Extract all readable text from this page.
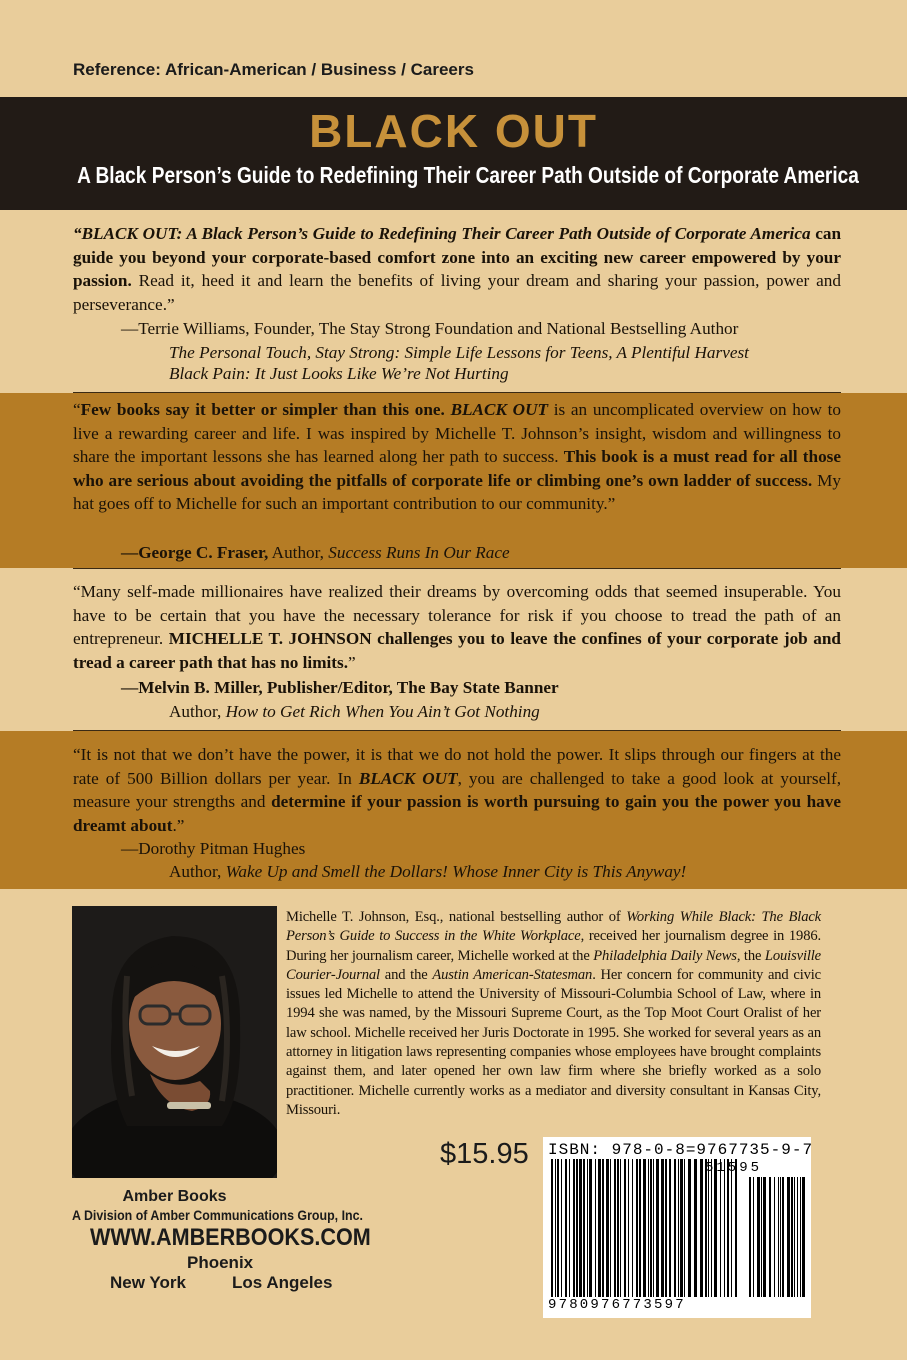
Reference: African-American / Business / Careers
BLACK OUT
A Black Person’s Guide to Redefining Their Career Path Outside of Corporate America
“BLACK OUT: A Black Person’s Guide to Redefining Their Career Path Outside of Corporate America can guide you beyond your corporate-based comfort zone into an exciting new career empowered by your passion. Read it, heed it and learn the benefits of living your dream and sharing your passion, power and perseverance.”
—Terrie Williams, Founder, The Stay Strong Foundation and National Bestselling Author
The Personal Touch, Stay Strong: Simple Life Lessons for Teens, A Plentiful Harvest
Black Pain: It Just Looks Like We’re Not Hurting
“Few books say it better or simpler than this one. BLACK OUT is an uncomplicated overview on how to live a rewarding career and life. I was inspired by Michelle T. Johnson’s insight, wisdom and willingness to share the important lessons she has learned along her path to success. This book is a must read for all those who are serious about avoiding the pitfalls of corporate life or climbing one’s own ladder of success. My hat goes off to Michelle for such an important contribution to our community.”
—George C. Fraser, Author, Success Runs In Our Race
“Many self-made millionaires have realized their dreams by overcoming odds that seemed insuperable. You have to be certain that you have the necessary tolerance for risk if you choose to tread the path of an entrepreneur. MICHELLE T. JOHNSON challenges you to leave the confines of your corporate job and tread a career path that has no limits.”
—Melvin B. Miller, Publisher/Editor, The Bay State Banner
Author, How to Get Rich When You Ain’t Got Nothing
“It is not that we don’t have the power, it is that we do not hold the power. It slips through our fingers at the rate of 500 Billion dollars per year. In BLACK OUT, you are challenged to take a good look at yourself, measure your strengths and determine if your passion is worth pursuing to gain you the power you have dreamt about.”
—Dorothy Pitman Hughes
Author, Wake Up and Smell the Dollars! Whose Inner City is This Anyway!
Michelle T. Johnson, Esq., national bestselling author of Working While Black: The Black Person’s Guide to Success in the White Workplace, received her journalism degree in 1986. During her journalism career, Michelle worked at the Philadelphia Daily News, the Louisville Courier-Journal and the Austin American-Statesman. Her concern for community and civic issues led Michelle to attend the University of Missouri-Columbia School of Law, where in 1994 she was named, by the Missouri Supreme Court, as the Top Moot Court Oralist of her law school. Michelle received her Juris Doctorate in 1995. She worked for several years as an attorney in litigation laws representing companies whose employees have brought complaints against them, and later opened her own law firm where she briefly worked as a solo practitioner. Michelle currently works as a mediator and diversity consultant in Kansas City, Missouri.
$15.95 ISBN: 978-0-8=9767735-9-7
51595
9780976773597
Amber Books
A Division of Amber Communications Group, Inc.
WWW.AMBERBOOKS.COM
Phoenix
New York	Los Angeles
